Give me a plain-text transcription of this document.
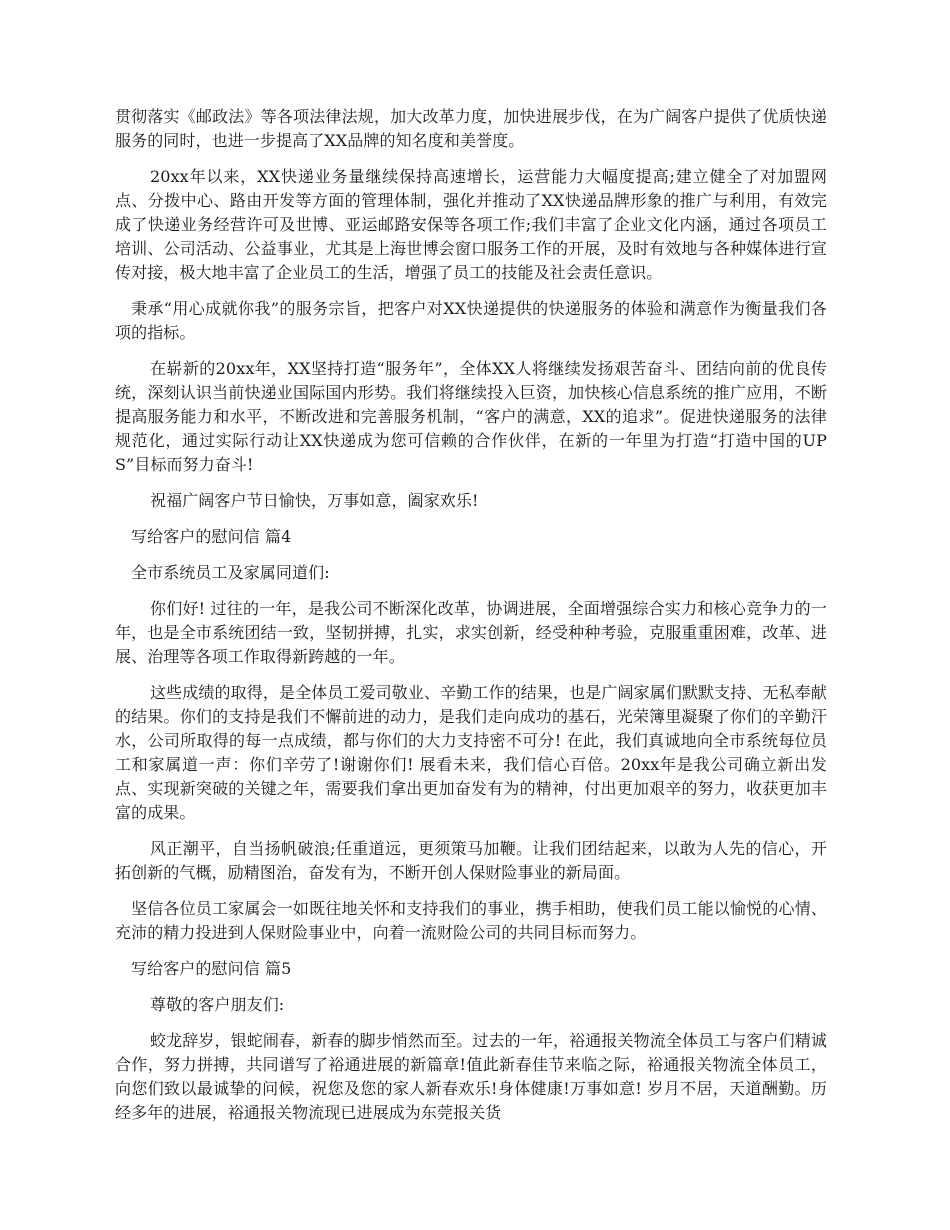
贯彻落实《邮政法》等各项法律法规，加大改革力度，加快进展步伐，在为广阔客户提供了优质快递服务的同时，也进一步提高了XX品牌的知名度和美誉度。

20xx年以来，XX快递业务量继续保持高速增长，运营能力大幅度提高;建立健全了对加盟网点、分拨中心、路由开发等方面的管理体制，强化并推动了XX快递品牌形象的推广与利用，有效完成了快递业务经营许可及世博、亚运邮路安保等各项工作;我们丰富了企业文化内涵，通过各项员工培训、公司活动、公益事业，尤其是上海世博会窗口服务工作的开展，及时有效地与各种媒体进行宣传对接，极大地丰富了企业员工的生活，增强了员工的技能及社会责任意识。

秉承“用心成就你我”的服务宗旨，把客户对XX快递提供的快递服务的体验和满意作为衡量我们各项的指标。

在崭新的20xx年，XX坚持打造“服务年”，全体XX人将继续发扬艰苦奋斗、团结向前的优良传统，深刻认识当前快递业国际国内形势。我们将继续投入巨资，加快核心信息系统的推广应用，不断提高服务能力和水平，不断改进和完善服务机制，“客户的满意，XX的追求”。促进快递服务的法律规范化，通过实际行动让XX快递成为您可信赖的合作伙伴，在新的一年里为打造“打造中国的UPS”目标而努力奋斗!

祝福广阔客户节日愉快，万事如意，阖家欢乐!

写给客户的慰问信 篇4

全市系统员工及家属同道们:

你们好! 过往的一年，是我公司不断深化改革，协调进展，全面增强综合实力和核心竞争力的一年，也是全市系统团结一致，坚韧拼搏，扎实，求实创新，经受种种考验，克服重重困难，改革、进展、治理等各项工作取得新跨越的一年。

这些成绩的取得，是全体员工爱司敬业、辛勤工作的结果，也是广阔家属们默默支持、无私奉献的结果。你们的支持是我们不懈前进的动力，是我们走向成功的基石，光荣簿里凝聚了你们的辛勤汗水，公司所取得的每一点成绩，都与你们的大力支持密不可分! 在此，我们真诚地向全市系统每位员工和家属道一声：你们辛劳了!谢谢你们! 展看未来，我们信心百倍。20xx年是我公司确立新出发点、实现新突破的关键之年，需要我们拿出更加奋发有为的精神，付出更加艰辛的努力，收获更加丰富的成果。

风正潮平，自当扬帆破浪;任重道远，更须策马加鞭。让我们团结起来，以敢为人先的信心，开拓创新的气概，励精图治，奋发有为，不断开创人保财险事业的新局面。

坚信各位员工家属会一如既往地关怀和支持我们的事业，携手相助，使我们员工能以愉悦的心情、充沛的精力投进到人保财险事业中，向着一流财险公司的共同目标而努力。

写给客户的慰问信 篇5

尊敬的客户朋友们:

蛟龙辞岁，银蛇闹春，新春的脚步悄然而至。过去的一年，裕通报关物流全体员工与客户们精诚合作，努力拼搏，共同谱写了裕通进展的新篇章!值此新春佳节来临之际，裕通报关物流全体员工，向您们致以最诚挚的问候，祝您及您的家人新春欢乐!身体健康!万事如意! 岁月不居，天道酬勤。历经多年的进展，裕通报关物流现已进展成为东莞报关货
